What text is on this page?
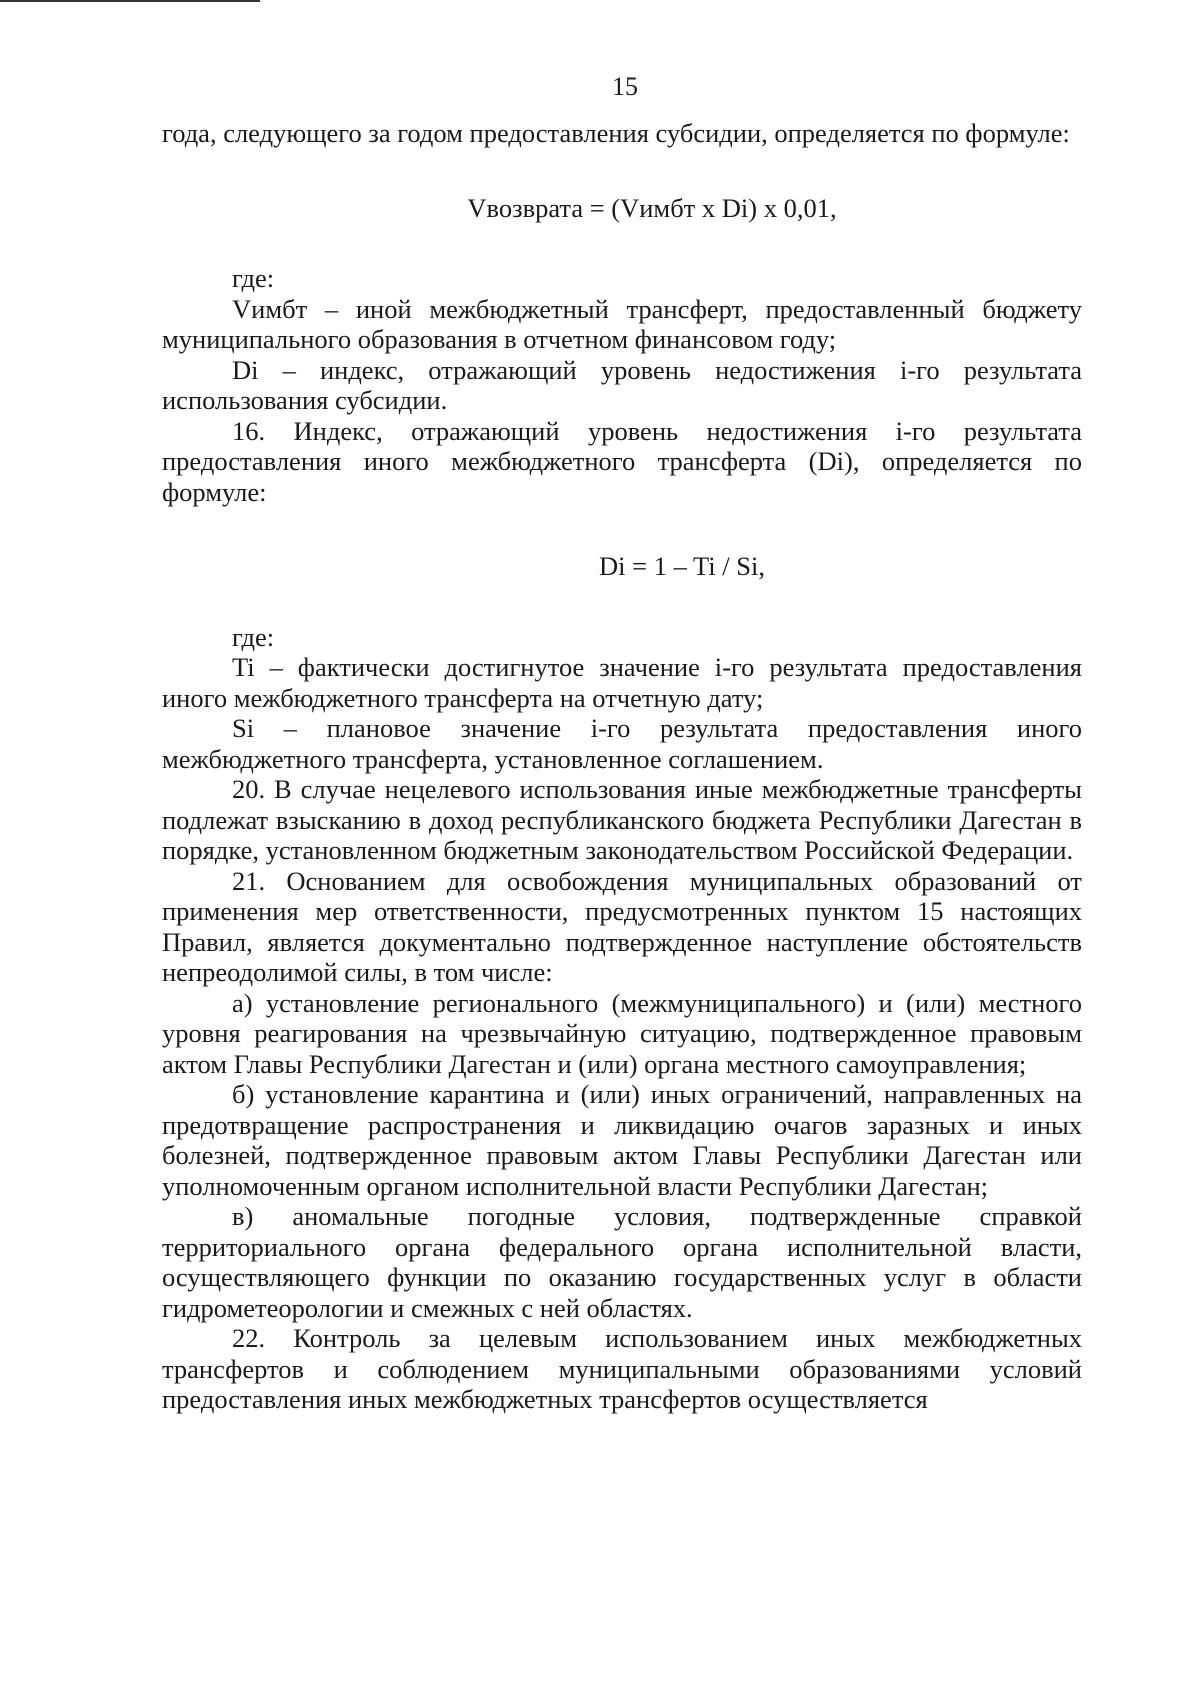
15

года, следующего за годом предоставления субсидии, определяется по формуле:

Vвозврата = (Vимбт x Di) x 0,01,

где:

Vимбт – иной межбюджетный трансферт, предоставленный бюджету муниципального образования в отчетном финансовом году;

Di – индекс, отражающий уровень недостижения i-го результата использования субсидии.

16. Индекс, отражающий уровень недостижения i-го результата предоставления иного межбюджетного трансферта (Di), определяется по формуле:

Di = 1 – Ti / Si,

где:

Ti – фактически достигнутое значение i-го результата предоставления иного межбюджетного трансферта на отчетную дату;

Si – плановое значение i-го результата предоставления иного межбюджетного трансферта, установленное соглашением.

20. В случае нецелевого использования иные межбюджетные трансферты подлежат взысканию в доход республиканского бюджета Республики Дагестан в порядке, установленном бюджетным законодательством Российской Федерации.

21. Основанием для освобождения муниципальных образований от применения мер ответственности, предусмотренных пунктом 15 настоящих Правил, является документально подтвержденное наступление обстоятельств непреодолимой силы, в том числе:

а) установление регионального (межмуниципального) и (или) местного уровня реагирования на чрезвычайную ситуацию, подтвержденное правовым актом Главы Республики Дагестан и (или) органа местного самоуправления;

б) установление карантина и (или) иных ограничений, направленных на предотвращение распространения и ликвидацию очагов заразных и иных болезней, подтвержденное правовым актом Главы Республики Дагестан или уполномоченным органом исполнительной власти Республики Дагестан;

в) аномальные погодные условия, подтвержденные справкой территориального органа федерального органа исполнительной власти, осуществляющего функции по оказанию государственных услуг в области гидрометеорологии и смежных с ней областях.

22. Контроль за целевым использованием иных межбюджетных трансфертов и соблюдением муниципальными образованиями условий предоставления иных межбюджетных трансфертов осуществляется
